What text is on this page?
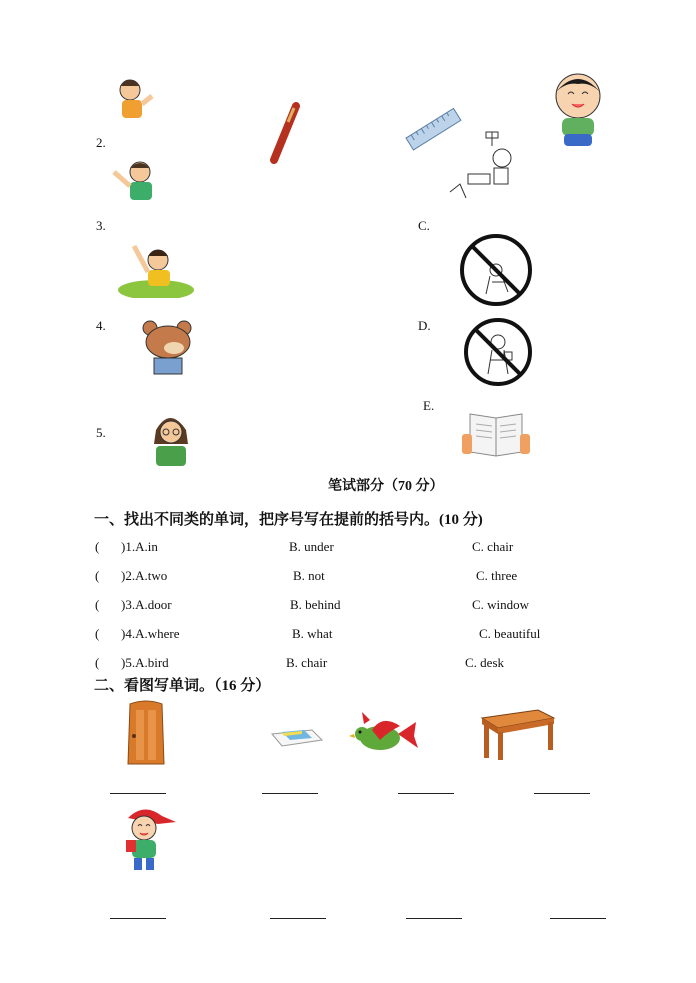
2.
3.	C.
4.	D.
E.
5.
笔试部分（70 分）
一、找出不同类的单词，把序号写在提前的括号内。(10 分)
( )1.A.in	B. under	C. chair
( )2.A.two	B. not	C. three
( )3.A.door	B. behind	C. window
( )4.A.where	B. what	C. beautiful
( )5.A.bird	B. chair	C. desk
二、看图写单词。（16 分）
